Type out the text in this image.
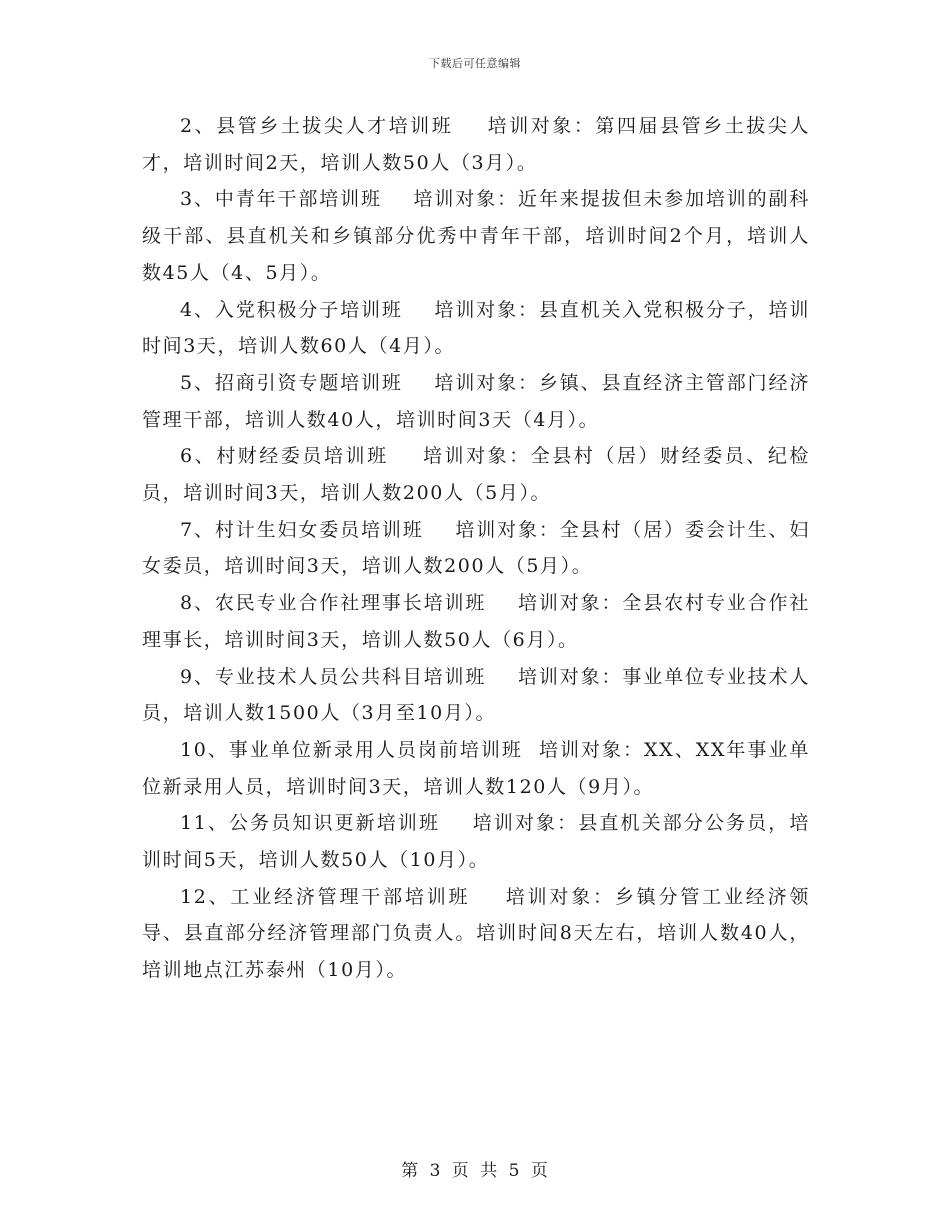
下载后可任意编辑

2、县管乡土拔尖人才培训班    培训对象：第四届县管乡土拔尖人才，培训时间2天，培训人数50人（3月）。

3、中青年干部培训班    培训对象：近年来提拔但未参加培训的副科级干部、县直机关和乡镇部分优秀中青年干部，培训时间2个月，培训人数45人（4、5月）。

4、入党积极分子培训班    培训对象：县直机关入党积极分子，培训时间3天，培训人数60人（4月）。

5、招商引资专题培训班    培训对象：乡镇、县直经济主管部门经济管理干部，培训人数40人，培训时间3天（4月）。

6、村财经委员培训班    培训对象：全县村（居）财经委员、纪检员，培训时间3天，培训人数200人（5月）。

7、村计生妇女委员培训班    培训对象：全县村（居）委会计生、妇女委员，培训时间3天，培训人数200人（5月）。

8、农民专业合作社理事长培训班    培训对象：全县农村专业合作社理事长，培训时间3天，培训人数50人（6月）。

9、专业技术人员公共科目培训班    培训对象：事业单位专业技术人员，培训人数1500人（3月至10月）。

10、事业单位新录用人员岗前培训班  培训对象：XX、XX年事业单位新录用人员，培训时间3天，培训人数120人（9月）。

11、公务员知识更新培训班    培训对象：县直机关部分公务员，培训时间5天，培训人数50人（10月）。

12、工业经济管理干部培训班    培训对象：乡镇分管工业经济领导、县直部分经济管理部门负责人。培训时间8天左右，培训人数40人，培训地点江苏泰州（10月）。

第 3 页 共 5 页
